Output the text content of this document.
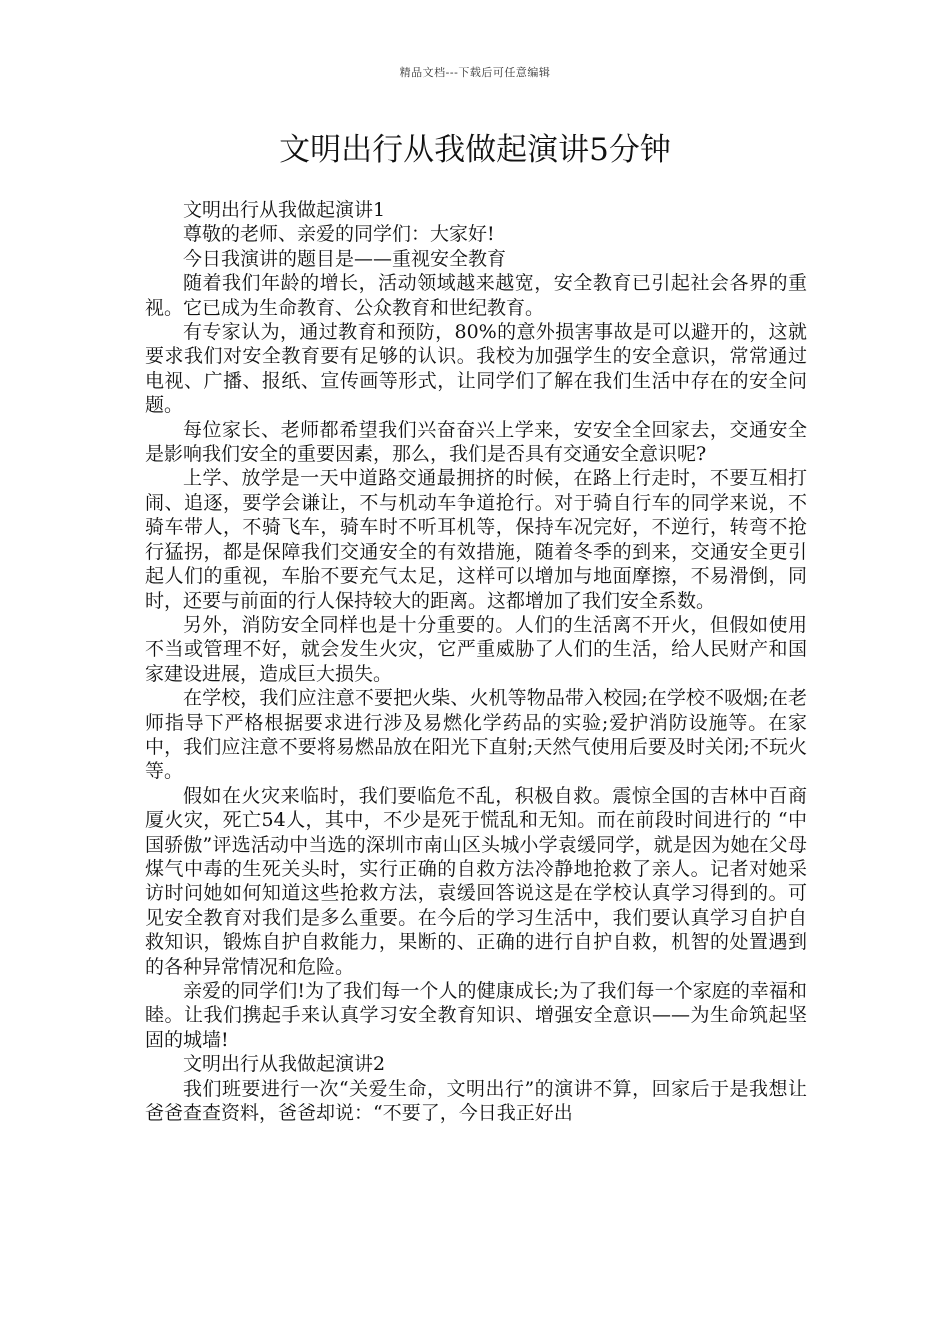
精品文档---下载后可任意编辑
文明出行从我做起演讲5分钟

文明出行从我做起演讲1

尊敬的老师、亲爱的同学们：大家好!

今日我演讲的题目是——重视安全教育

随着我们年龄的增长，活动领域越来越宽，安全教育已引起社会各界的重视。它已成为生命教育、公众教育和世纪教育。

有专家认为，通过教育和预防，80%的意外损害事故是可以避开的，这就要求我们对安全教育要有足够的认识。我校为加强学生的安全意识，常常通过电视、广播、报纸、宣传画等形式，让同学们了解在我们生活中存在的安全问题。

每位家长、老师都希望我们兴奋奋兴上学来，安安全全回家去，交通安全是影响我们安全的重要因素，那么，我们是否具有交通安全意识呢?

上学、放学是一天中道路交通最拥挤的时候，在路上行走时，不要互相打闹、追逐，要学会谦让，不与机动车争道抢行。对于骑自行车的同学来说，不骑车带人，不骑飞车，骑车时不听耳机等，保持车况完好，不逆行，转弯不抢行猛拐，都是保障我们交通安全的有效措施，随着冬季的到来，交通安全更引起人们的重视，车胎不要充气太足，这样可以增加与地面摩擦，不易滑倒，同时，还要与前面的行人保持较大的距离。这都增加了我们安全系数。

另外，消防安全同样也是十分重要的。人们的生活离不开火，但假如使用不当或管理不好，就会发生火灾，它严重威胁了人们的生活，给人民财产和国家建设进展，造成巨大损失。

在学校，我们应注意不要把火柴、火机等物品带入校园;在学校不吸烟;在老师指导下严格根据要求进行涉及易燃化学药品的实验;爱护消防设施等。在家中，我们应注意不要将易燃品放在阳光下直射;天然气使用后要及时关闭;不玩火等。

假如在火灾来临时，我们要临危不乱，积极自救。震惊全国的吉林中百商厦火灾，死亡54人，其中，不少是死于慌乱和无知。而在前段时间进行的 “中国骄傲”评选活动中当选的深圳市南山区头城小学袁缓同学，就是因为她在父母煤气中毒的生死关头时，实行正确的自救方法冷静地抢救了亲人。记者对她采访时问她如何知道这些抢救方法，袁缓回答说这是在学校认真学习得到的。可见安全教育对我们是多么重要。在今后的学习生活中，我们要认真学习自护自救知识，锻炼自护自救能力，果断的、正确的进行自护自救，机智的处置遇到的各种异常情况和危险。

亲爱的同学们!为了我们每一个人的健康成长;为了我们每一个家庭的幸福和睦。让我们携起手来认真学习安全教育知识、增强安全意识——为生命筑起坚固的城墙!

文明出行从我做起演讲2

我们班要进行一次“关爱生命，文明出行”的演讲不算，回家后于是我想让爸爸查查资料，爸爸却说：“不要了，今日我正好出
